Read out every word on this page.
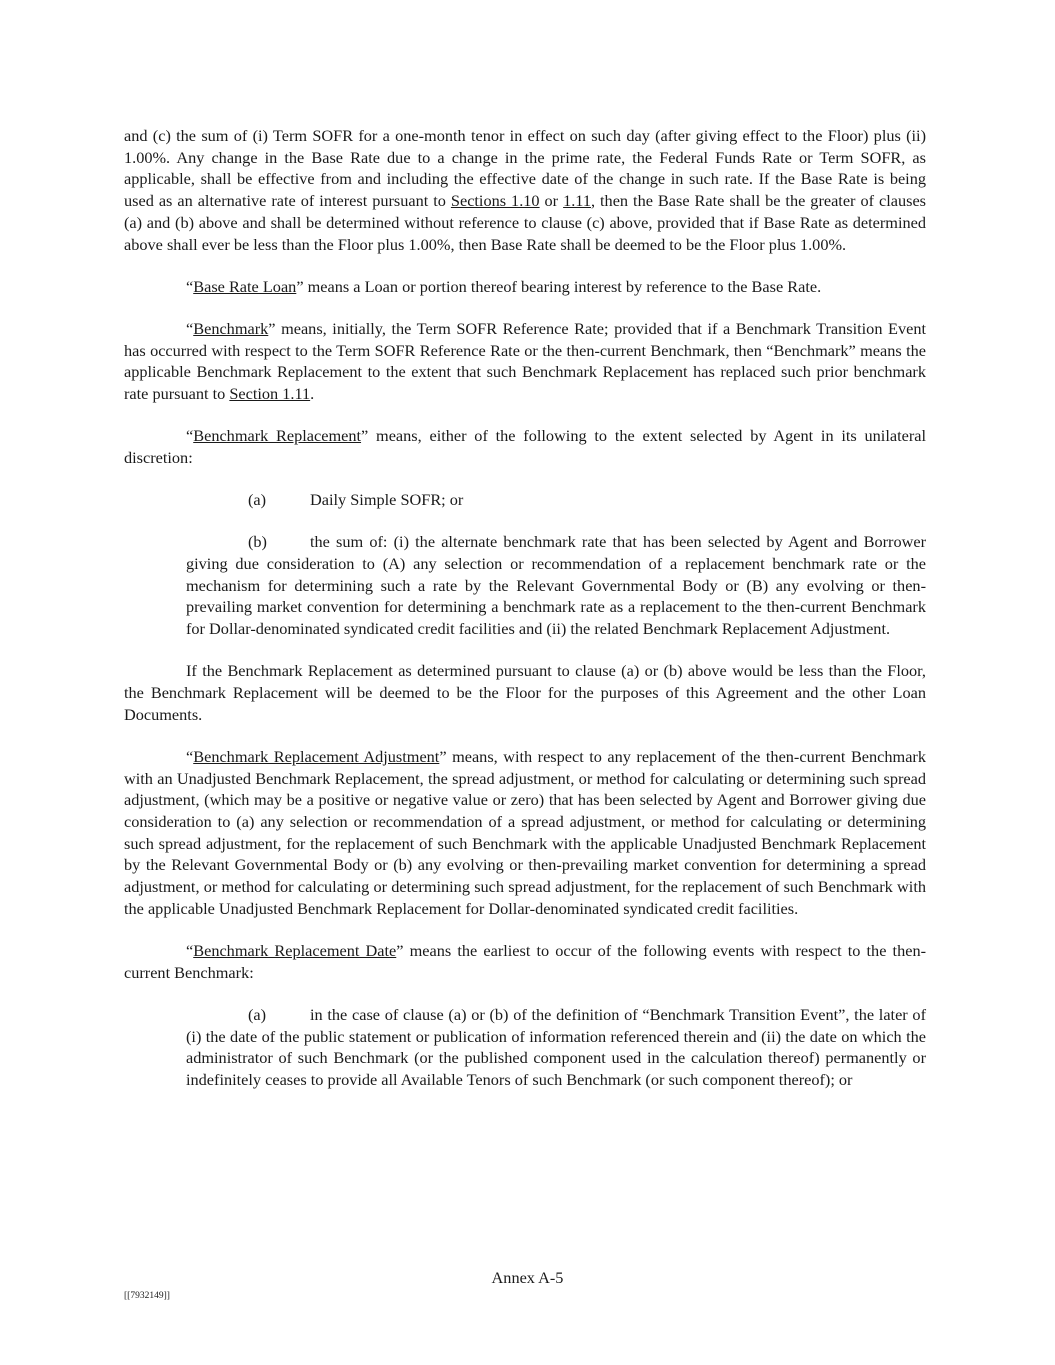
and (c) the sum of (i) Term SOFR for a one-month tenor in effect on such day (after giving effect to the Floor) plus (ii) 1.00%. Any change in the Base Rate due to a change in the prime rate, the Federal Funds Rate or Term SOFR, as applicable, shall be effective from and including the effective date of the change in such rate. If the Base Rate is being used as an alternative rate of interest pursuant to Sections 1.10 or 1.11, then the Base Rate shall be the greater of clauses (a) and (b) above and shall be determined without reference to clause (c) above, provided that if Base Rate as determined above shall ever be less than the Floor plus 1.00%, then Base Rate shall be deemed to be the Floor plus 1.00%.

“Base Rate Loan” means a Loan or portion thereof bearing interest by reference to the Base Rate.

“Benchmark” means, initially, the Term SOFR Reference Rate; provided that if a Benchmark Transition Event has occurred with respect to the Term SOFR Reference Rate or the then-current Benchmark, then “Benchmark” means the applicable Benchmark Replacement to the extent that such Benchmark Replacement has replaced such prior benchmark rate pursuant to Section 1.11.

“Benchmark Replacement” means, either of the following to the extent selected by Agent in its unilateral discretion:

(a)	Daily Simple SOFR; or

(b)	the sum of: (i) the alternate benchmark rate that has been selected by Agent and Borrower giving due consideration to (A) any selection or recommendation of a replacement benchmark rate or the mechanism for determining such a rate by the Relevant Governmental Body or (B) any evolving or then-prevailing market convention for determining a benchmark rate as a replacement to the then-current Benchmark for Dollar-denominated syndicated credit facilities and (ii) the related Benchmark Replacement Adjustment.

If the Benchmark Replacement as determined pursuant to clause (a) or (b) above would be less than the Floor, the Benchmark Replacement will be deemed to be the Floor for the purposes of this Agreement and the other Loan Documents.

“Benchmark Replacement Adjustment” means, with respect to any replacement of the then-current Benchmark with an Unadjusted Benchmark Replacement, the spread adjustment, or method for calculating or determining such spread adjustment, (which may be a positive or negative value or zero) that has been selected by Agent and Borrower giving due consideration to (a) any selection or recommendation of a spread adjustment, or method for calculating or determining such spread adjustment, for the replacement of such Benchmark with the applicable Unadjusted Benchmark Replacement by the Relevant Governmental Body or (b) any evolving or then-prevailing market convention for determining a spread adjustment, or method for calculating or determining such spread adjustment, for the replacement of such Benchmark with the applicable Unadjusted Benchmark Replacement for Dollar-denominated syndicated credit facilities.

“Benchmark Replacement Date” means the earliest to occur of the following events with respect to the then-current Benchmark:

(a)	in the case of clause (a) or (b) of the definition of “Benchmark Transition Event”, the later of (i) the date of the public statement or publication of information referenced therein and (ii) the date on which the administrator of such Benchmark (or the published component used in the calculation thereof) permanently or indefinitely ceases to provide all Available Tenors of such Benchmark (or such component thereof); or

Annex A-5
[[7932149]]
